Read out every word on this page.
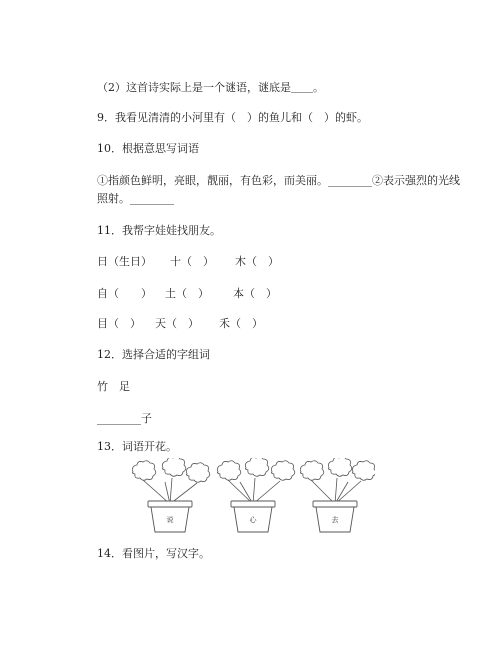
（2）这首诗实际上是一个谜语，谜底是＿＿。
9．我看见清清的小河里有（　）的鱼儿和（　）的虾。
10．根据意思写词语
①指颜色鲜明，亮眼，靓丽，有色彩，而美丽。________②表示强烈的光线
照射。________
11．我帮字娃娃找朋友。
日（生日） 十（　） 木（　）
自（　　） 土（　） 本（　）
目（　） 天（　） 禾（　）
12．选择合适的字组词
竹　足
________子
13．词语开花。
说	心	去
14．看图片，写汉字。
